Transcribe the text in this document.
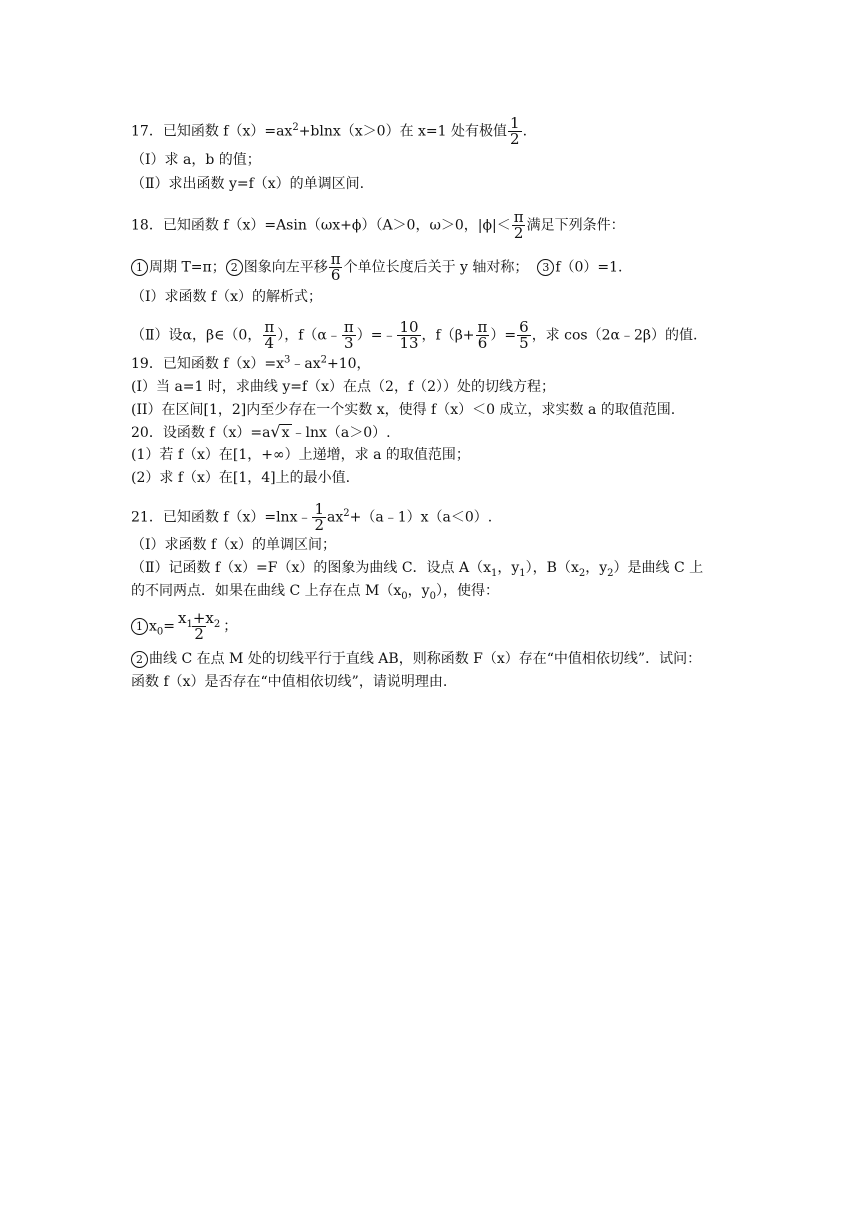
17．已知函数 $f(x)=ax^2+blnx(x>0)$在 x=1 处有极值 $\frac{1}{2}$ .
（Ⅰ）求 a，b 的值；
（Ⅱ）求出函数 y=f（x）的单调区间.
18．已知函数 f（x）=Asin（ωx+ϕ）（A＞0，ω＞0，$|\phi|< \frac{\pi}{2}$ 满足下列条件：
1 周期 T=π； 2 图象向左平移 $\frac{\pi}{6}$ 个单位长度后关于 y 轴对称； 3 f（0）=1.
（Ⅰ）求函数 f（x）的解析式；
（Ⅱ）设α，β∈（0， $\frac{\pi}{4}$ ），f（α﹣ $\frac{\pi}{3}$ ）=﹣ $\frac{10}{13}$ ，$f(\beta+ \frac{\pi}{6}$ ）= $\frac{6}{5}$ ，求 cos（2α﹣2β）的值.
19．已知函数 $f(x)=x^3﹣ax^2+10$，
(I）当 a=1 时，求曲线 y=f（x）在点（2，f（2））处的切线方程；
(II）在区间[1，2]内至少存在一个实数 x，使得 f（x）＜0 成立，求实数 a 的取值范围.
20．设函数 f（x）=a√x ﹣lnx（a＞0）.
(1）若 f（x）在[1，+∞）上递增，求 a 的取值范围；
(2）求 f（x）在[1，4]上的最小值.
21．已知函数 f（x）=lnx﹣ $\frac{1}{2}$ $ax^2+(a﹣1)x(a<0)$.
（Ⅰ）求函数 f（x）的单调区间；
（Ⅱ）记函数 f（x）=F（x）的图象为曲线 C．设点 $A(x_1$，$y_1$），$B(x_2$，$y_2$）是曲线 C 上
的不同两点．如果在曲线 C 上存在点 $M(x_0$，$y_0$），使得：
1 $x_0= \frac{x_1+x_2}{2}$ ；
2 曲线 C 在点 M 处的切线平行于直线 AB，则称函数 F（x）存在“中值相依切线”．试问：
函数 f（x）是否存在“中值相依切线”，请说明理由.
